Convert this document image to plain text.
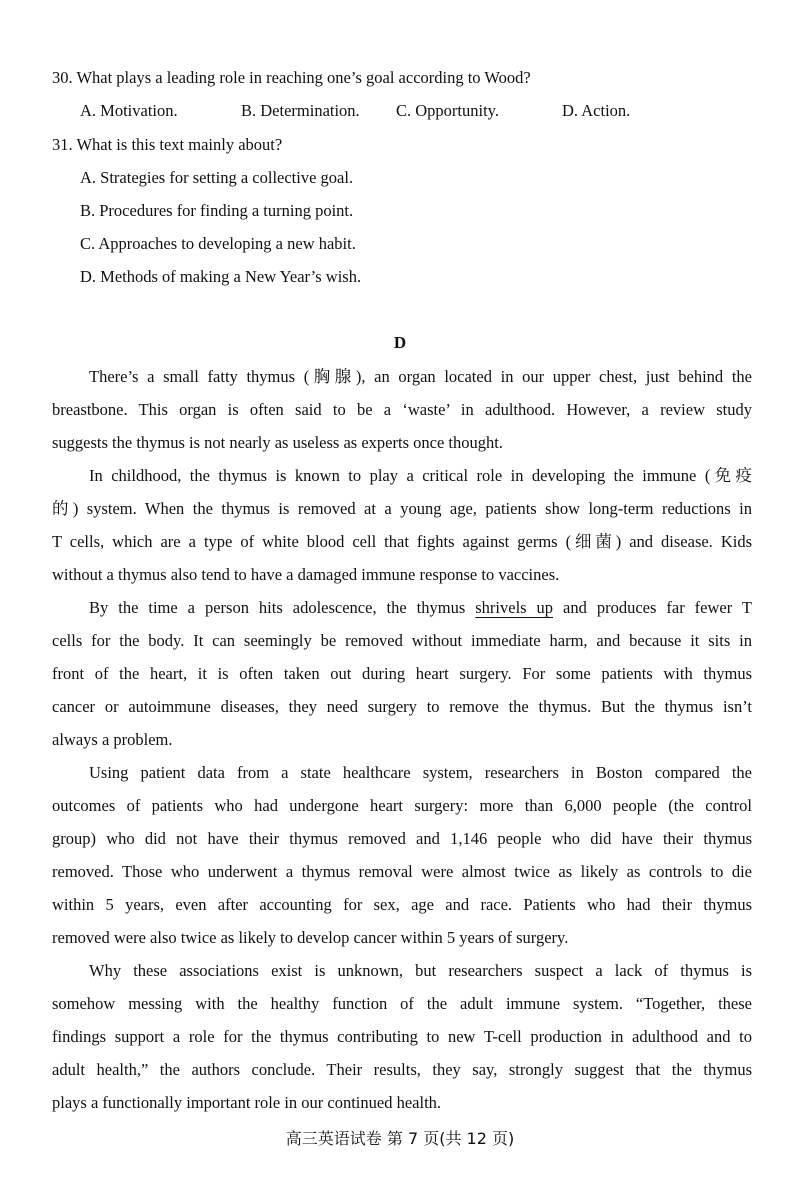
30. What plays a leading role in reaching one’s goal according to Wood?
A. Motivation.	B. Determination. C. Opportunity.	D. Action.
31. What is this text mainly about?
A. Strategies for setting a collective goal.
B. Procedures for finding a turning point.
C. Approaches to developing a new habit.
D. Methods of making a New Year’s wish.
D
There’s a small fatty thymus (胸腺), an organ located in our upper chest, just behind the
breastbone. This organ is often said to be a ‘waste’ in adulthood. However, a review study
suggests the thymus is not nearly as useless as experts once thought.
In childhood, the thymus is known to play a critical role in developing the immune (免疫
的) system. When the thymus is removed at a young age, patients show long-term reductions in
T cells, which are a type of white blood cell that fights against germs (细菌) and disease. Kids
without a thymus also tend to have a damaged immune response to vaccines.
By the time a person hits adolescence, the thymus shrivels up and produces far fewer T
cells for the body. It can seemingly be removed without immediate harm, and because it sits in
front of the heart, it is often taken out during heart surgery. For some patients with thymus
cancer or autoimmune diseases, they need surgery to remove the thymus. But the thymus isn’t
always a problem.
Using patient data from a state healthcare system, researchers in Boston compared the
outcomes of patients who had undergone heart surgery: more than 6,000 people (the control
group) who did not have their thymus removed and 1,146 people who did have their thymus
removed. Those who underwent a thymus removal were almost twice as likely as controls to die
within 5 years, even after accounting for sex, age and race. Patients who had their thymus
removed were also twice as likely to develop cancer within 5 years of surgery.
Why these associations exist is unknown, but researchers suspect a lack of thymus is
somehow messing with the healthy function of the adult immune system. “Together, these
findings support a role for the thymus contributing to new T-cell production in adulthood and to
adult health,” the authors conclude. Their results, they say, strongly suggest that the thymus
plays a functionally important role in our continued health.
高三英语试卷 第 7 页(共 12 页)
